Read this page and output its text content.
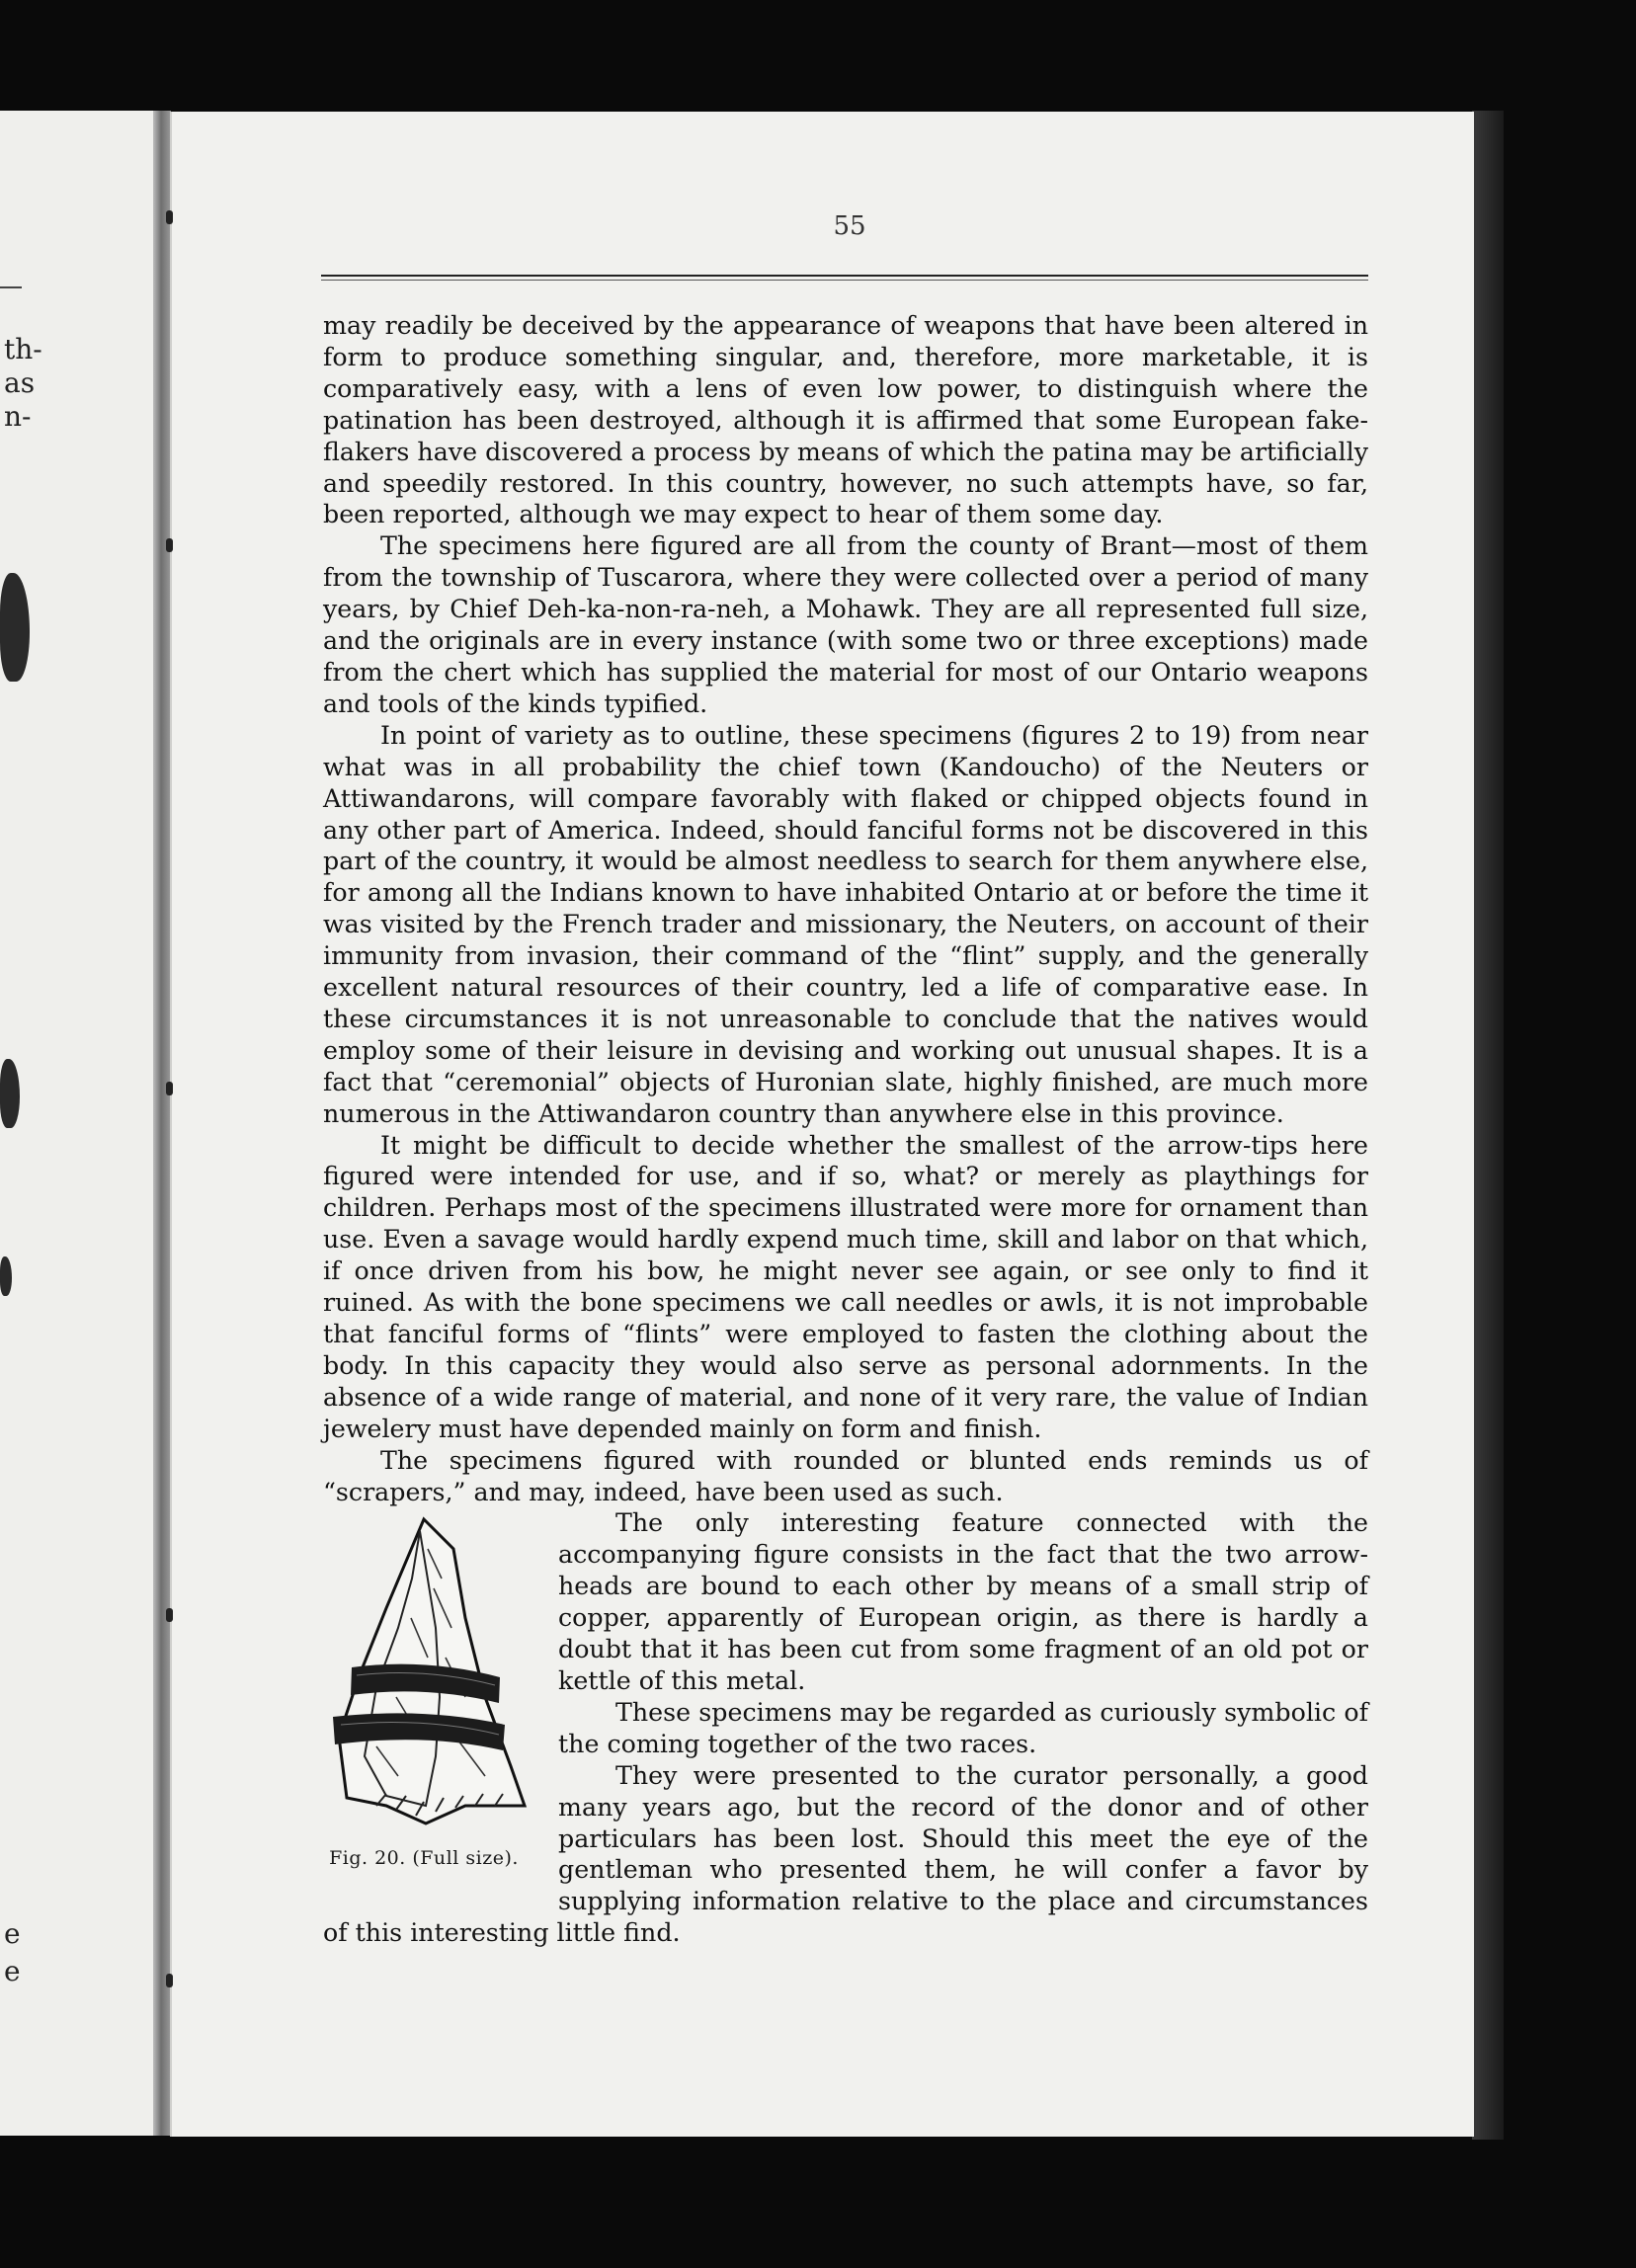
th-
as
n-
e
e
55

may readily be deceived by the appearance of weapons that have been altered in form to produce something singular, and, therefore, more marketable, it is comparatively easy, with a lens of even low power, to distinguish where the patination has been destroyed, although it is affirmed that some European fake-flakers have discovered a process by means of which the patina may be artificially and speedily restored. In this country, however, no such attempts have, so far, been reported, although we may expect to hear of them some day.

The specimens here figured are all from the county of Brant—most of them from the township of Tuscarora, where they were collected over a period of many years, by Chief Deh-ka-non-ra-neh, a Mohawk. They are all represented full size, and the originals are in every instance (with some two or three exceptions) made from the chert which has supplied the material for most of our Ontario weapons and tools of the kinds typified.

In point of variety as to outline, these specimens (figures 2 to 19) from near what was in all probability the chief town (Kandoucho) of the Neuters or Attiwandarons, will compare favorably with flaked or chipped objects found in any other part of America. Indeed, should fanciful forms not be discovered in this part of the country, it would be almost needless to search for them anywhere else, for among all the Indians known to have inhabited Ontario at or before the time it was visited by the French trader and missionary, the Neuters, on account of their immunity from invasion, their command of the “flint” supply, and the generally excellent natural resources of their country, led a life of comparative ease. In these circumstances it is not unreasonable to conclude that the natives would employ some of their leisure in devising and working out unusual shapes. It is a fact that “ceremonial” objects of Huronian slate, highly finished, are much more numerous in the Attiwandaron country than anywhere else in this province.

It might be difficult to decide whether the smallest of the arrow-tips here figured were intended for use, and if so, what? or merely as playthings for children. Perhaps most of the specimens illustrated were more for ornament than use. Even a savage would hardly expend much time, skill and labor on that which, if once driven from his bow, he might never see again, or see only to find it ruined. As with the bone specimens we call needles or awls, it is not improbable that fanciful forms of “flints” were employed to fasten the clothing about the body. In this capacity they would also serve as personal adornments. In the absence of a wide range of material, and none of it very rare, the value of Indian jewelery must have depended mainly on form and finish.

The specimens figured with rounded or blunted ends reminds us of “scrapers,” and may, indeed, have been used as such.

Fig. 20. (Full size).

The only interesting feature connected with the accompanying figure consists in the fact that the two arrow-heads are bound to each other by means of a small strip of copper, apparently of European origin, as there is hardly a doubt that it has been cut from some fragment of an old pot or kettle of this metal.

These specimens may be regarded as curiously symbolic of the coming together of the two races.

They were presented to the curator personally, a good many years ago, but the record of the donor and of other particulars has been lost. Should this meet the eye of the gentleman who presented them, he will confer a favor by supplying information relative to the place and circumstances of this interesting little find.
